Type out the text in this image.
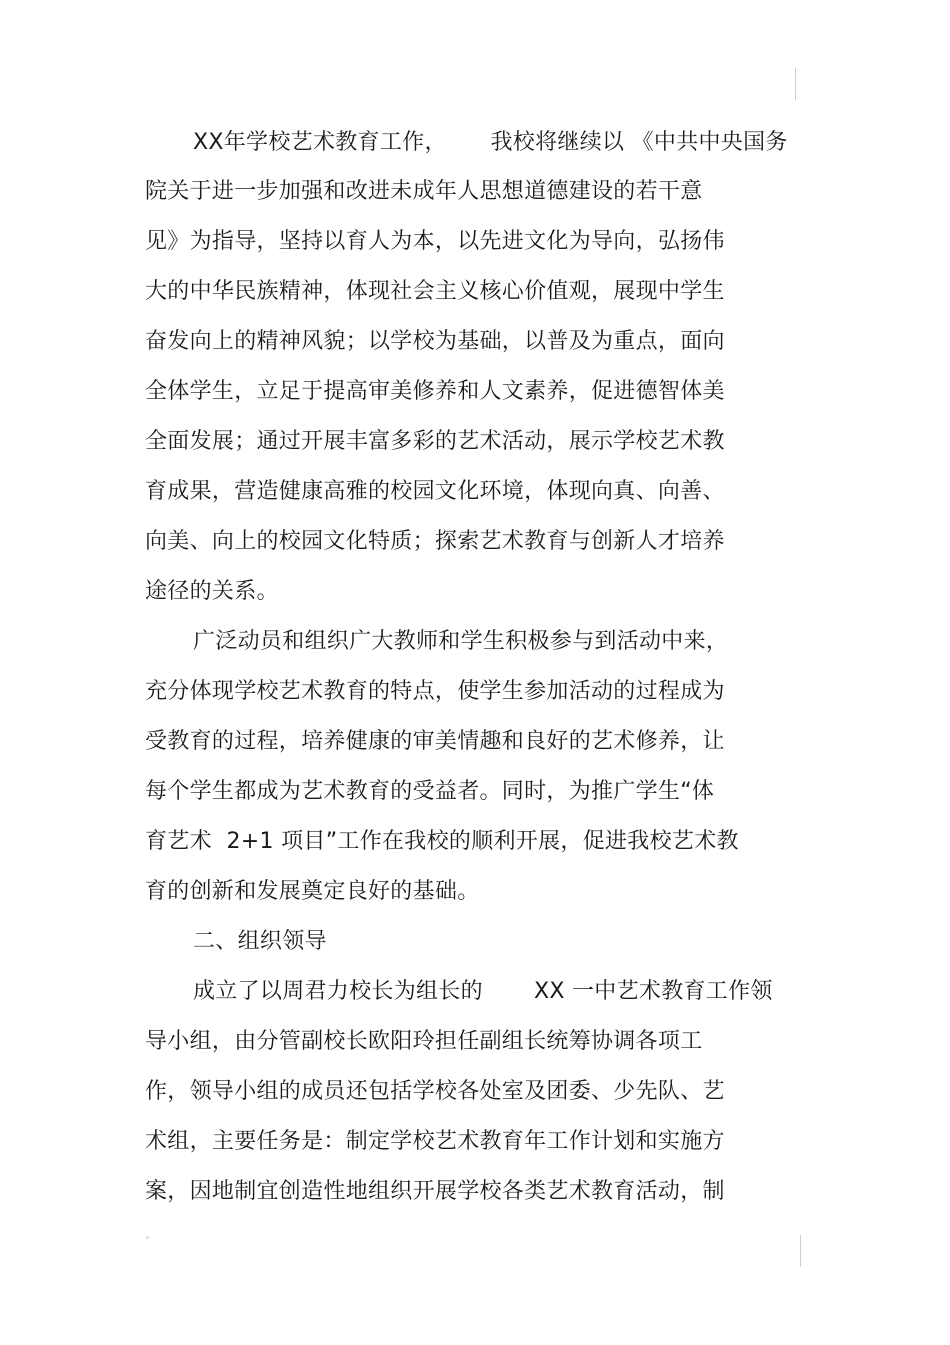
XX年学校艺术教育工作，      我校将继续以 《中共中央国务
院关于进一步加强和改进未成年人思想道德建设的若干意
见》为指导，坚持以育人为本，以先进文化为导向，弘扬伟
大的中华民族精神，体现社会主义核心价值观，展现中学生
奋发向上的精神风貌；以学校为基础，以普及为重点，面向
全体学生，立足于提高审美修养和人文素养，促进德智体美
全面发展；通过开展丰富多彩的艺术活动，展示学校艺术教
育成果，营造健康高雅的校园文化环境，体现向真、向善、
向美、向上的校园文化特质；探索艺术教育与创新人才培养
途径的关系。
广泛动员和组织广大教师和学生积极参与到活动中来，
充分体现学校艺术教育的特点，使学生参加活动的过程成为
受教育的过程，培养健康的审美情趣和良好的艺术修养，让
每个学生都成为艺术教育的受益者。同时，为推广学生“体
育艺术  2+1 项目”工作在我校的顺利开展，促进我校艺术教
育的创新和发展奠定良好的基础。
二、组织领导
成立了以周君力校长为组长的       XX 一中艺术教育工作领
导小组，由分管副校长欧阳玲担任副组长统筹协调各项工
作，领导小组的成员还包括学校各处室及团委、少先队、艺
术组，主要任务是：制定学校艺术教育年工作计划和实施方
案，因地制宜创造性地组织开展学校各类艺术教育活动，制
